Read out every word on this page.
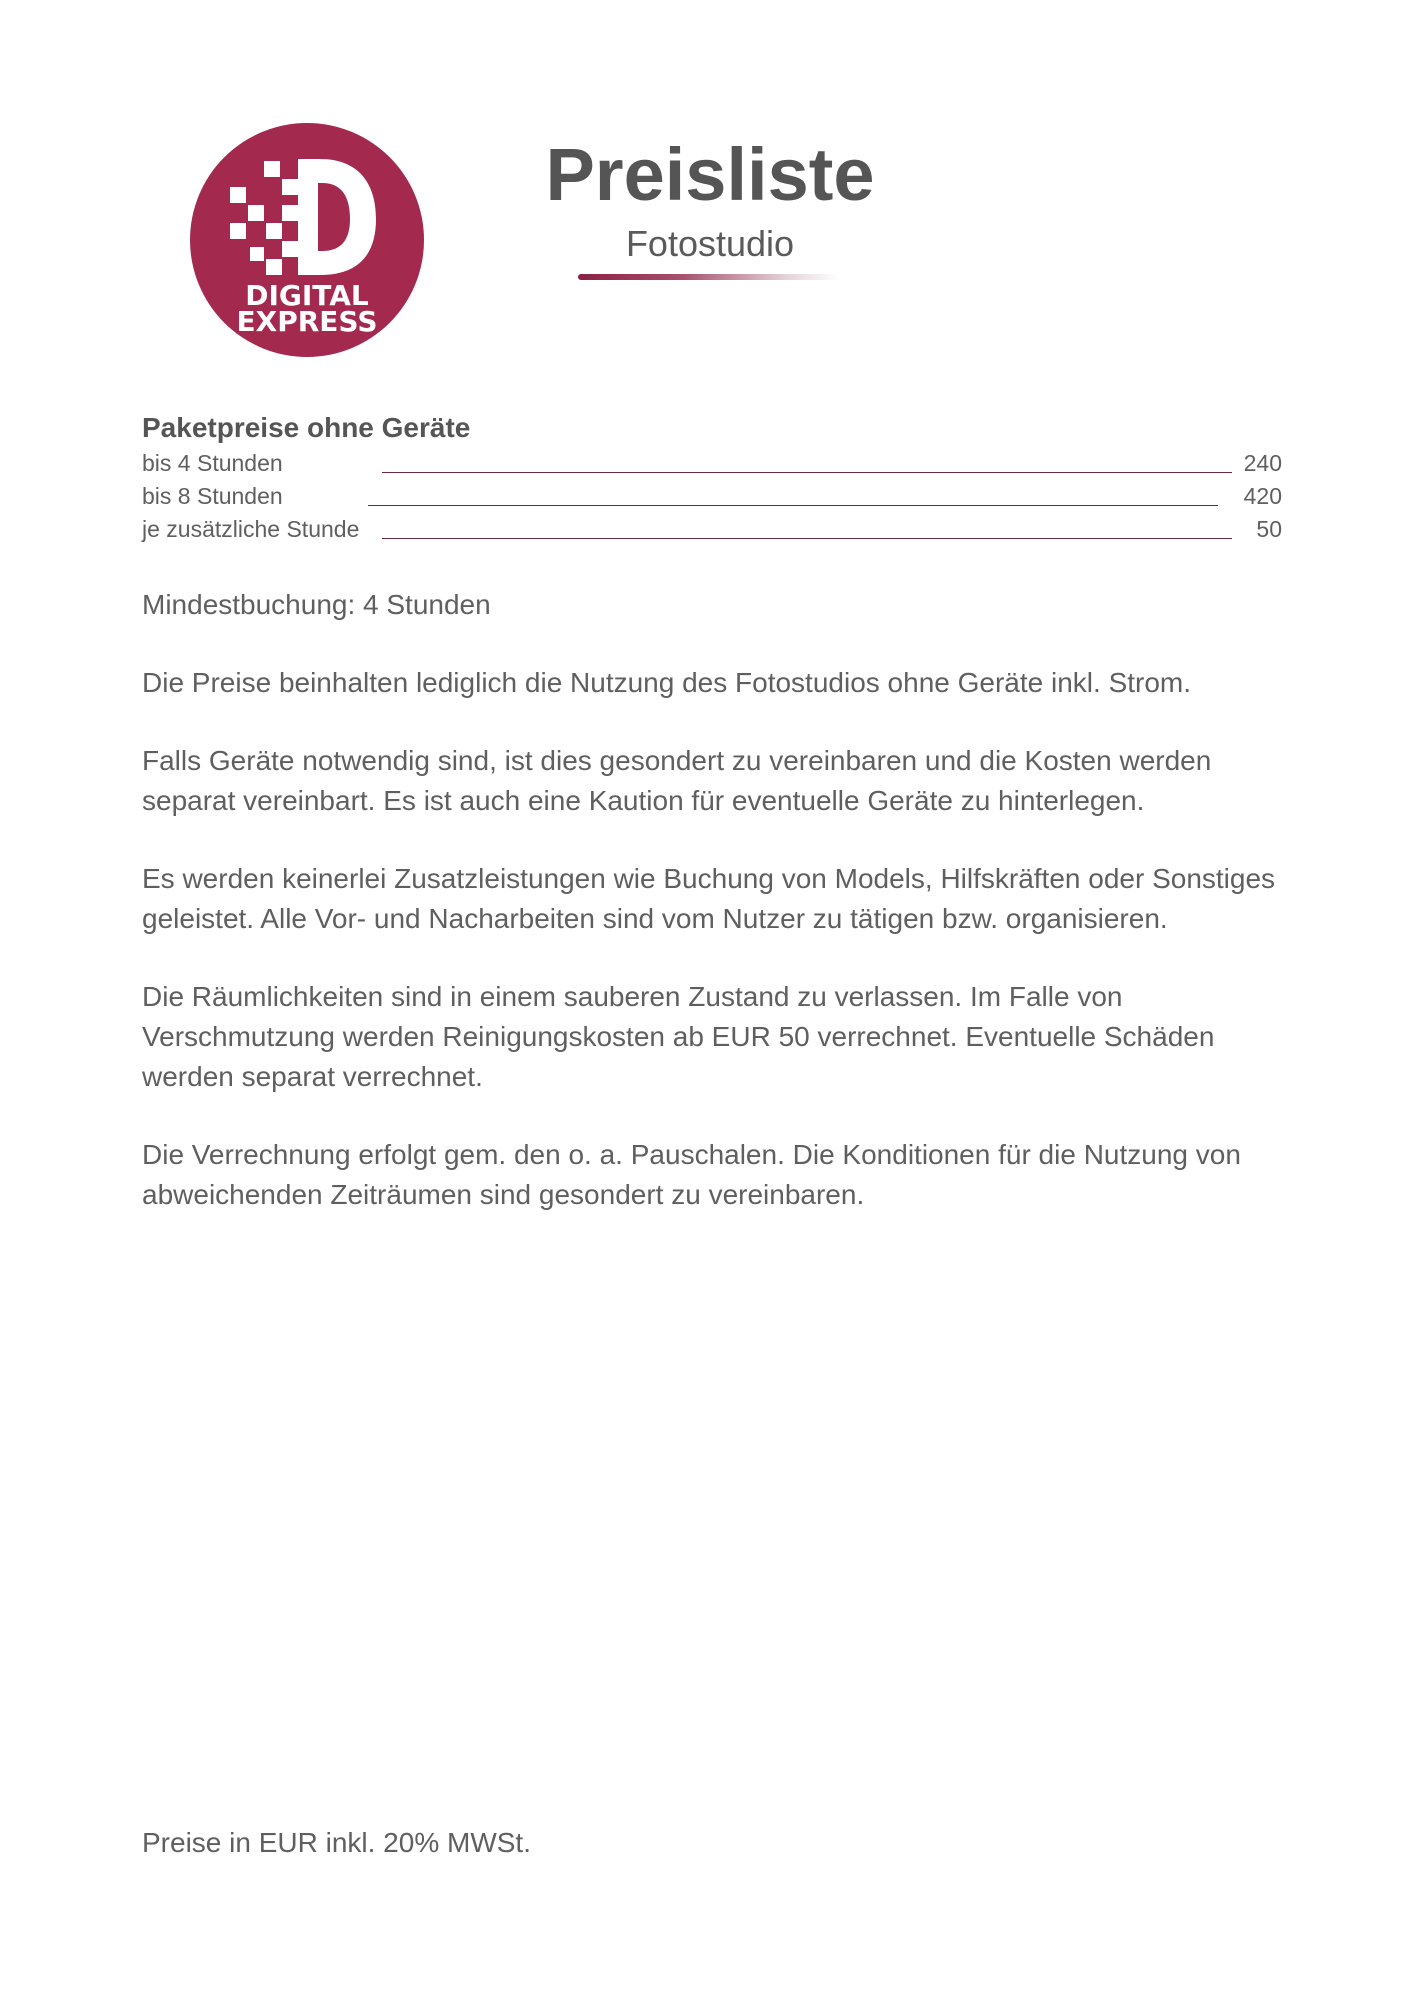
DIGITAL
EXPRESS
Preisliste
Fotostudio
Paketpreise ohne Geräte
bis 4 Stunden	240
bis 8 Stunden	420
je zusätzliche Stunde	50

Mindestbuchung: 4 Stunden

Die Preise beinhalten lediglich die Nutzung des Fotostudios ohne Geräte inkl. Strom.

Falls Geräte notwendig sind, ist dies gesondert zu vereinbaren und die Kosten werden separat vereinbart. Es ist auch eine Kaution für eventuelle Geräte zu hinterlegen.

Es werden keinerlei Zusatzleistungen wie Buchung von Models, Hilfskräften oder Sonstiges geleistet. Alle Vor- und Nacharbeiten sind vom Nutzer zu tätigen bzw. organisieren.

Die Räumlichkeiten sind in einem sauberen Zustand zu verlassen. Im Falle von Verschmutzung werden Reinigungskosten ab EUR 50 verrechnet. Eventuelle Schäden werden separat verrechnet.

Die Verrechnung erfolgt gem. den o. a. Pauschalen. Die Konditionen für die Nutzung von abweichenden Zeiträumen sind gesondert zu vereinbaren.

Preise in EUR inkl. 20% MWSt.
